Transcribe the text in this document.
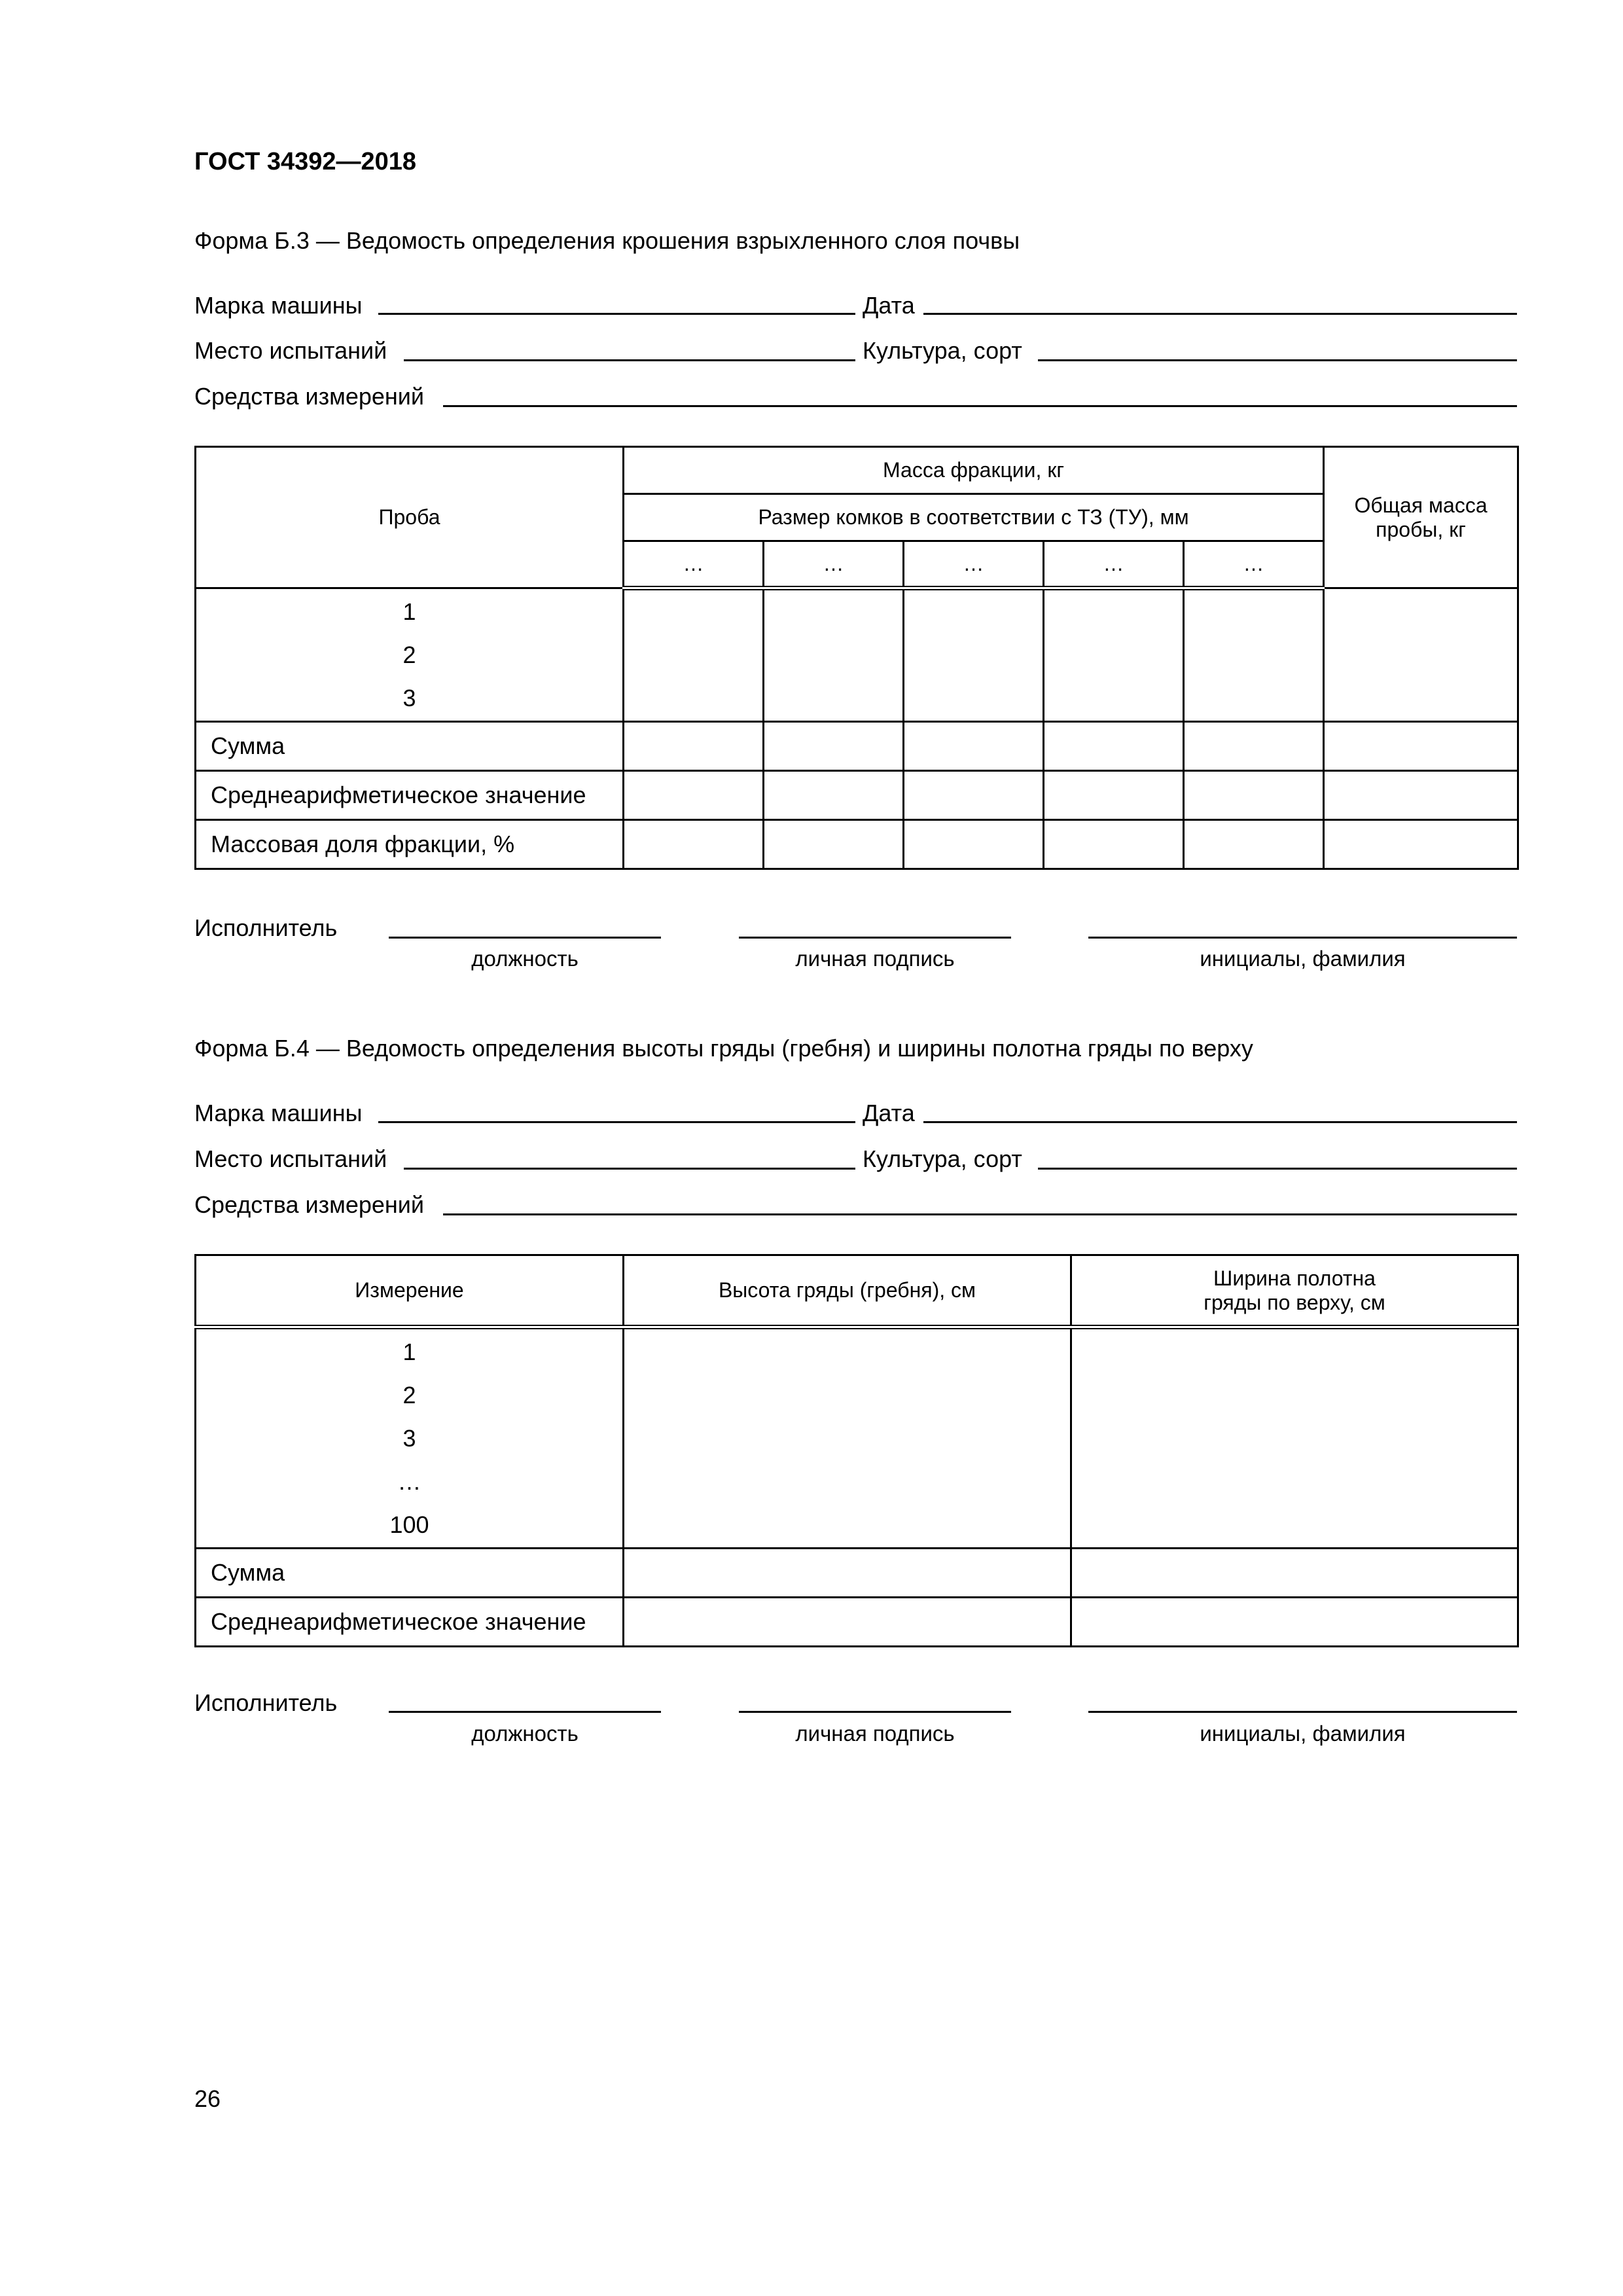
ГОСТ 34392—2018
Форма Б.3 — Ведомость определения крошения взрыхленного слоя почвы
Марка машины	Дата
Место испытаний	Культура, сорт
Средства измерений
Проба	Масса фракции, кг					Общая масса пробы, кг
	Размер комков в соответствии с ТЗ (ТУ), мм					
	…	…	…	…	…	

1
2
3						

Сумма						
Среднеарифметическое значение						
Массовая доля фракции, %						
Исполнитель
должность	личная подпись	инициалы, фамилия
Форма Б.4 — Ведомость определения высоты гряды (гребня) и ширины полотна гряды по верху
Марка машины	Дата
Место испытаний	Культура, сорт
Средства измерений
Измерение	Высота гряды (гребня), см	Ширина полотна
гряды по верху, см

1
2
3
…
100		

Сумма		
Среднеарифметическое значение		
Исполнитель
должность	личная подпись	инициалы, фамилия
26
